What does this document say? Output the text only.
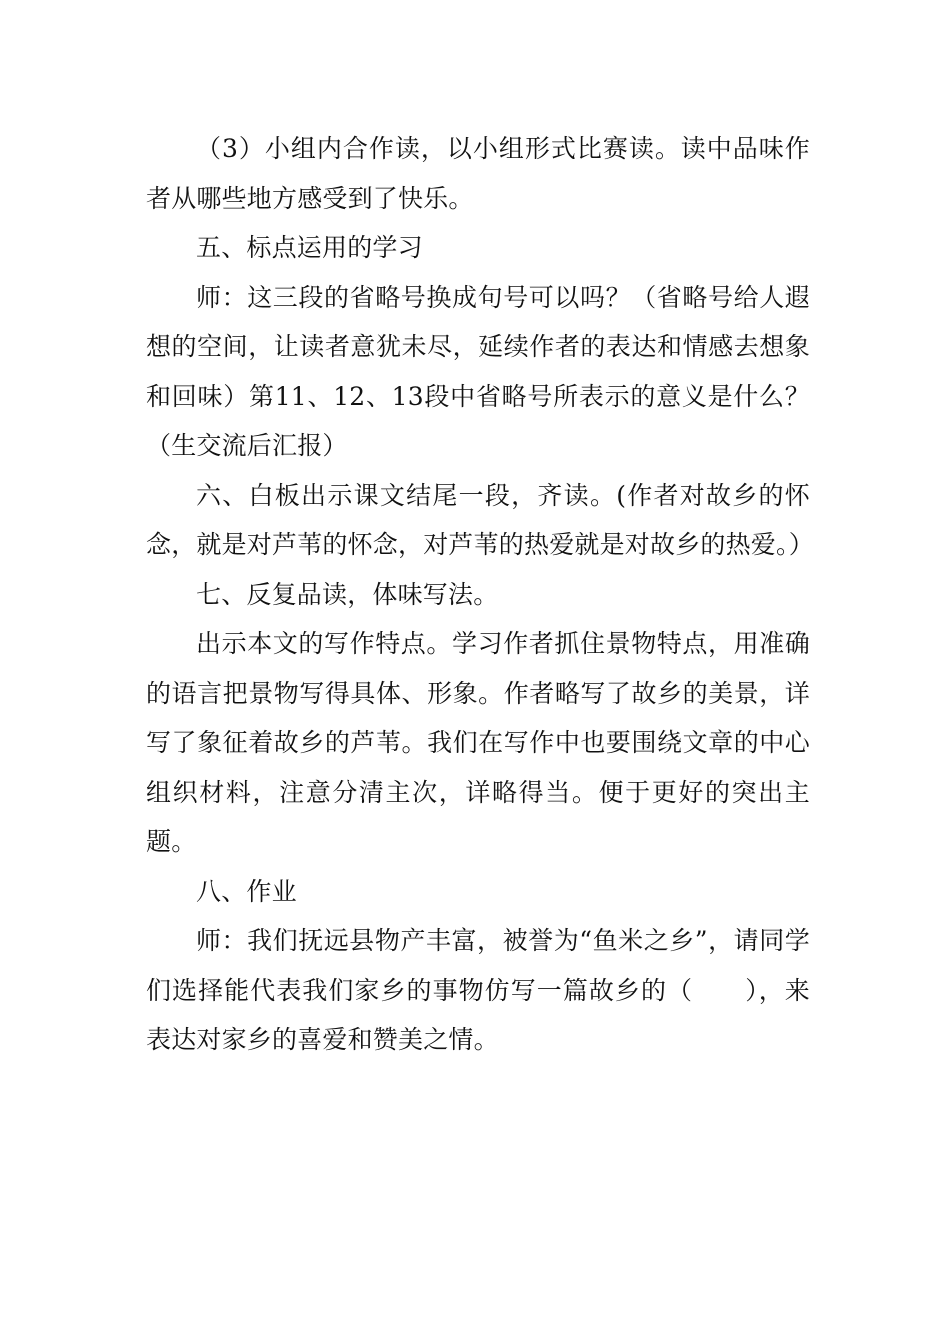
（3）小组内合作读，以小组形式比赛读。读中品味作者从哪些地方感受到了快乐。

五、标点运用的学习

师：这三段的省略号换成句号可以吗？（省略号给人遐想的空间，让读者意犹未尽，延续作者的表达和情感去想象和回味）第11、12、13段中省略号所表示的意义是什么？（生交流后汇报）

六、白板出示课文结尾一段，齐读。(作者对故乡的怀念，就是对芦苇的怀念，对芦苇的热爱就是对故乡的热爱。）

七、反复品读，体味写法。

出示本文的写作特点。学习作者抓住景物特点，用准确的语言把景物写得具体、形象。作者略写了故乡的美景，详写了象征着故乡的芦苇。我们在写作中也要围绕文章的中心组织材料，注意分清主次，详略得当。便于更好的突出主题。

八、作业

师：我们抚远县物产丰富，被誉为“鱼米之乡”，请同学们选择能代表我们家乡的事物仿写一篇故乡的（　　），来表达对家乡的喜爱和赞美之情。
